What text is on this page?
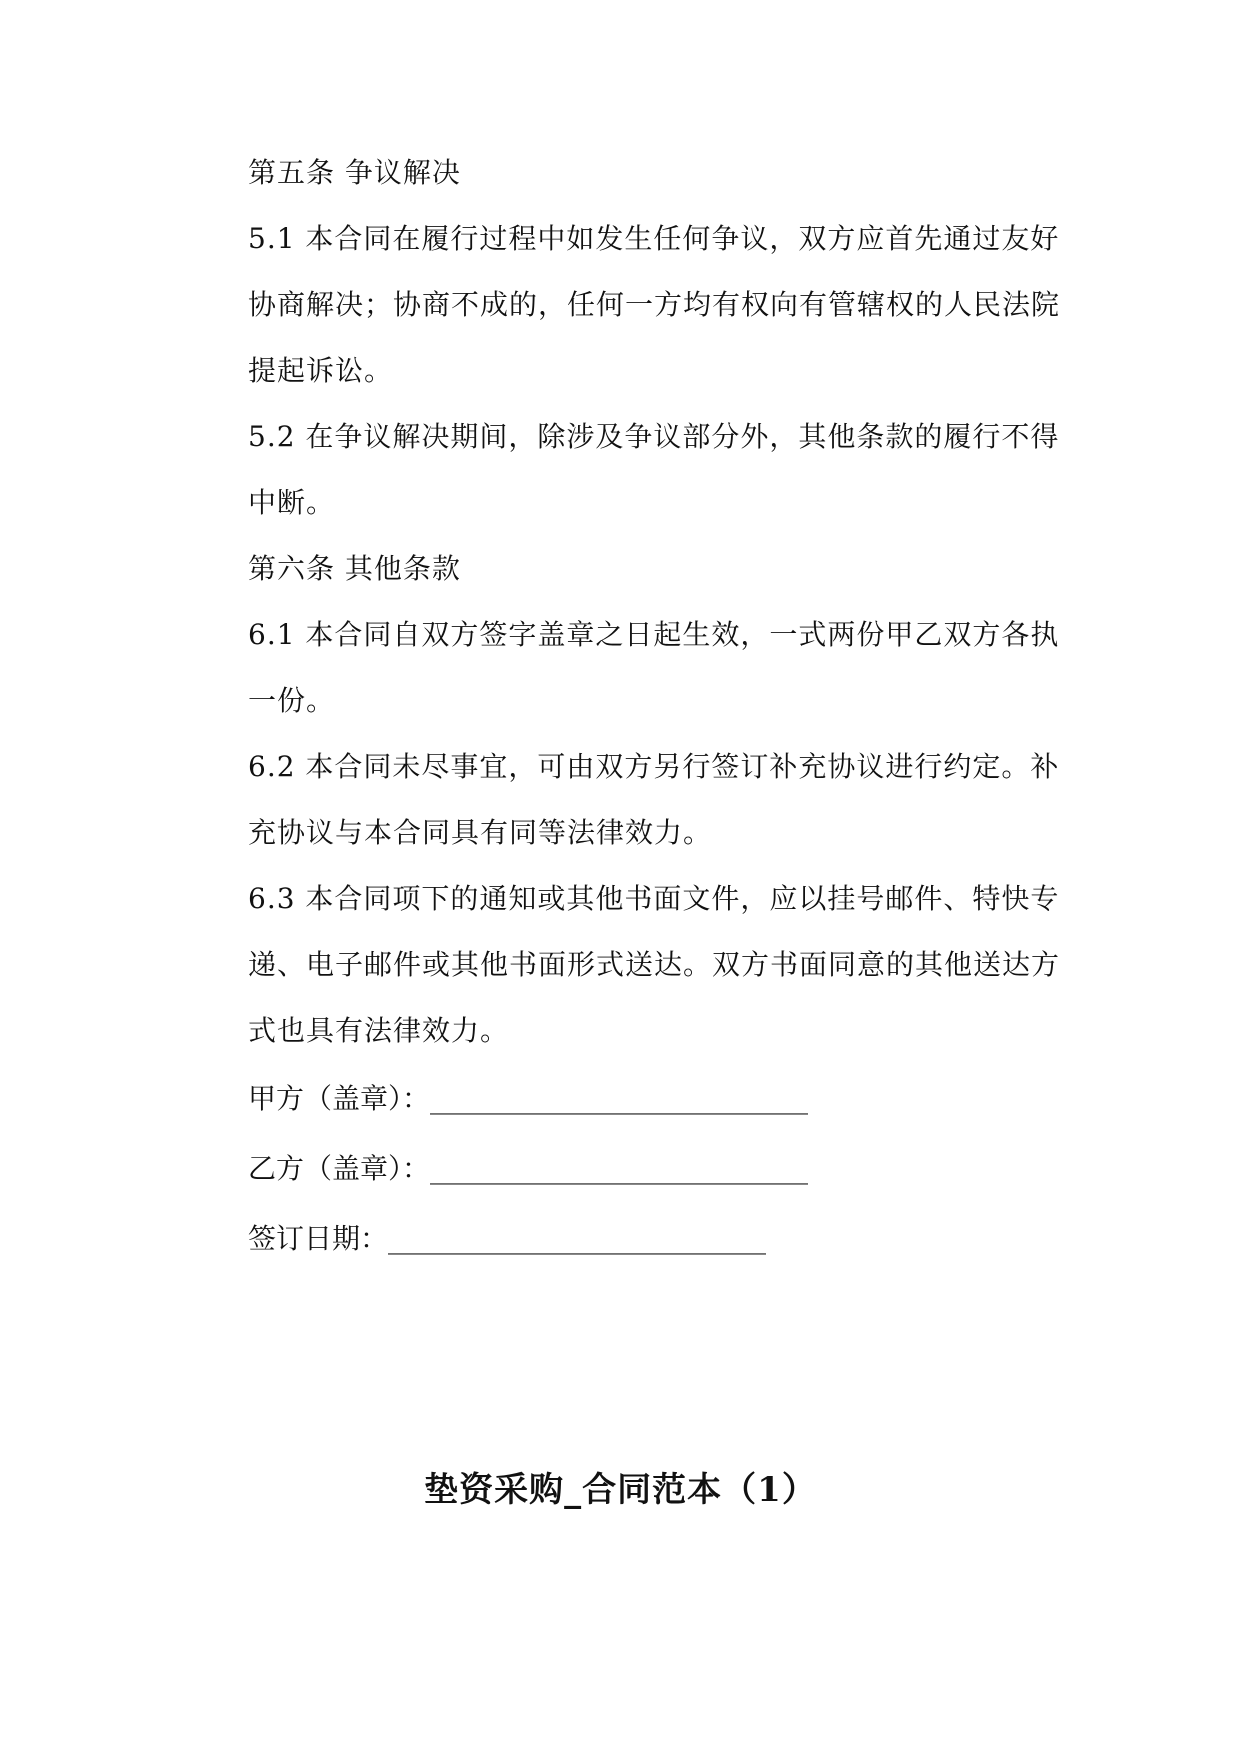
第五条 争议解决
5.1 本合同在履行过程中如发生任何争议，双方应首先通过友好协商解决；协商不成的，任何一方均有权向有管辖权的人民法院提起诉讼。
5.2 在争议解决期间，除涉及争议部分外，其他条款的履行不得中断。
第六条 其他条款
6.1 本合同自双方签字盖章之日起生效，一式两份甲乙双方各执一份。
6.2 本合同未尽事宜，可由双方另行签订补充协议进行约定。补充协议与本合同具有同等法律效力。
6.3 本合同项下的通知或其他书面文件，应以挂号邮件、特快专递、电子邮件或其他书面形式送达。双方书面同意的其他送达方式也具有法律效力。
甲方（盖章）：___________________________
乙方（盖章）：___________________________
签订日期：___________________________
垫资采购_合同范本（1）
